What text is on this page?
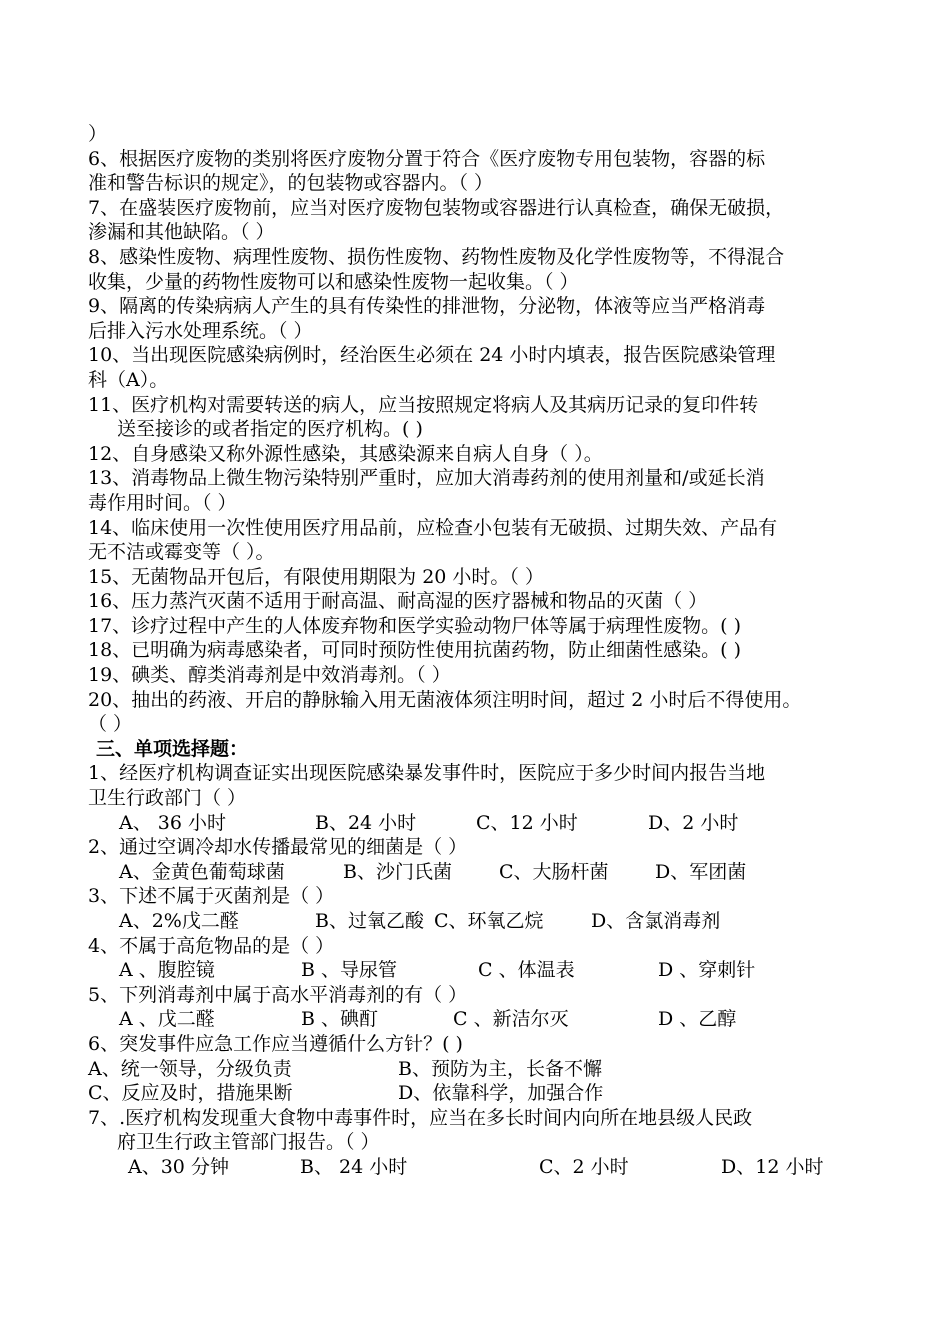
）
6、根据医疗废物的类别将医疗废物分置于符合《医疗废物专用包装物，容器的标
准和警告标识的规定》，的包装物或容器内。（ ）
7、在盛装医疗废物前，应当对医疗废物包装物或容器进行认真检查，确保无破损，
渗漏和其他缺陷。（ ）
8、感染性废物、病理性废物、损伤性废物、药物性废物及化学性废物等，不得混合
收集，少量的药物性废物可以和感染性废物一起收集。（ ）
9、隔离的传染病病人产生的具有传染性的排泄物，分泌物，体液等应当严格消毒
后排入污水处理系统。（ ）
10、当出现医院感染病例时，经治医生必须在 24 小时内填表，报告医院感染管理
科（A）。
11、医疗机构对需要转送的病人，应当按照规定将病人及其病历记录的复印件转
送至接诊的或者指定的医疗机构。( )
12、自身感染又称外源性感染，其感染源来自病人自身（ ）。
13、消毒物品上微生物污染特别严重时，应加大消毒药剂的使用剂量和/或延长消
毒作用时间。（ ）
14、临床使用一次性使用医疗用品前，应检查小包装有无破损、过期失效、产品有
无不洁或霉变等（ ）。
15、无菌物品开包后，有限使用期限为 20 小时。（ ）
16、压力蒸汽灭菌不适用于耐高温、耐高湿的医疗器械和物品的灭菌（ ）
17、诊疗过程中产生的人体废弃物和医学实验动物尸体等属于病理性废物。( )
18、已明确为病毒感染者，可同时预防性使用抗菌药物，防止细菌性感染。( )
19、碘类、醇类消毒剂是中效消毒剂。（ ）
20、抽出的药液、开启的静脉输入用无菌液体须注明时间，超过 2 小时后不得使用。
（ ）
三、单项选择题：
1、经医疗机构调查证实出现医院感染暴发事件时，医院应于多少时间内报告当地
卫生行政部门（ ）
A、 36 小时	B、24 小时	C、12 小时	D、2 小时
2、通过空调冷却水传播最常见的细菌是（ ）
A、金黄色葡萄球菌	B、沙门氏菌	C、大肠杆菌	D、军团菌
3、下述不属于灭菌剂是（ ）
A、2%戊二醛	B、过氧乙酸 C、环氧乙烷	D、含氯消毒剂
4、不属于高危物品的是（ ）
A 、腹腔镜	B 、导尿管	C 、体温表	D 、穿刺针
5、下列消毒剂中属于高水平消毒剂的有（ ）
A 、戊二醛	B 、碘酊	C 、新洁尔灭	D 、乙醇
6、突发事件应急工作应当遵循什么方针？( )
A、统一领导，分级负责	B、预防为主，长备不懈
C、反应及时，措施果断	D、依靠科学，加强合作
7、.医疗机构发现重大食物中毒事件时，应当在多长时间内向所在地县级人民政
府卫生行政主管部门报告。（ ）
A、30 分钟	B、 24 小时	C、2 小时	D、12 小时
